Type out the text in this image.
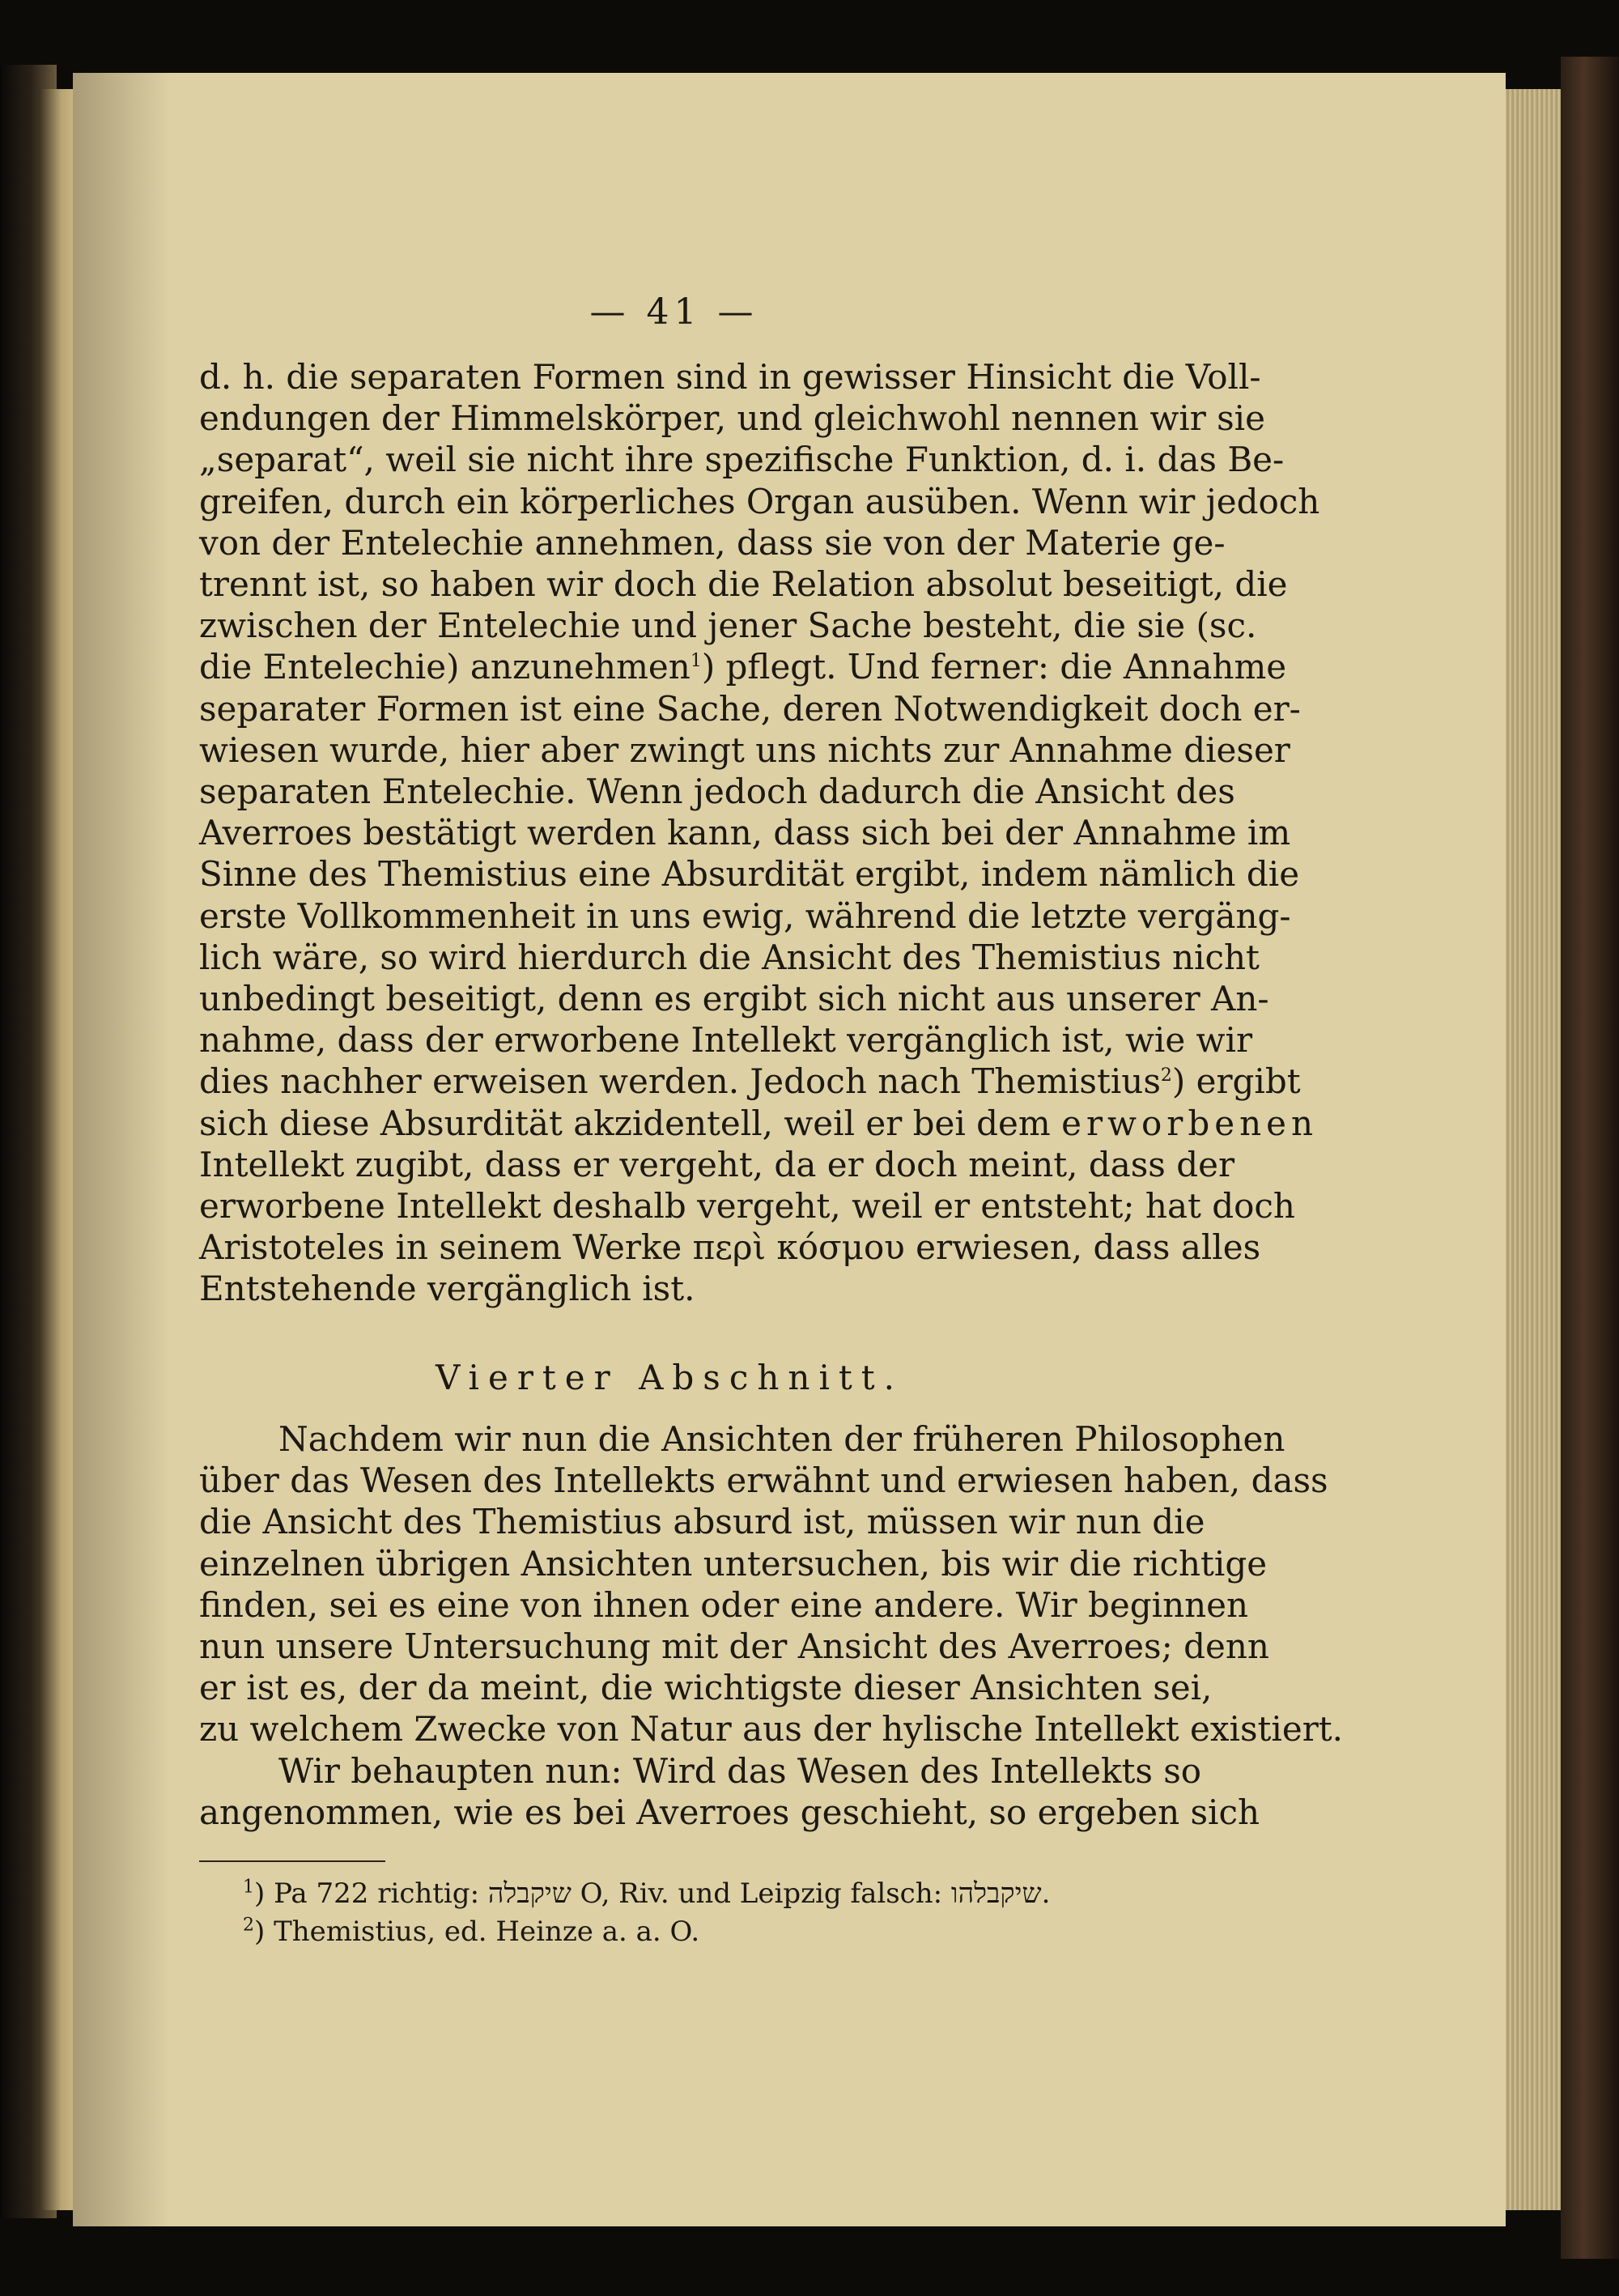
— 41 —
d. h. die separaten Formen sind in gewisser Hinsicht die Voll-
endungen der Himmelskörper, und gleichwohl nennen wir sie
„separat“, weil sie nicht ihre spezifische Funktion, d. i. das Be-
greifen, durch ein körperliches Organ ausüben. Wenn wir jedoch
von der Entelechie annehmen, dass sie von der Materie ge-
trennt ist, so haben wir doch die Relation absolut beseitigt, die
zwischen der Entelechie und jener Sache besteht, die sie (sc.
die Entelechie) anzunehmen$^1$) pflegt. Und ferner: die Annahme
separater Formen ist eine Sache, deren Notwendigkeit doch er-
wiesen wurde, hier aber zwingt uns nichts zur Annahme dieser
separaten Entelechie. Wenn jedoch dadurch die Ansicht des
Averroes bestätigt werden kann, dass sich bei der Annahme im
Sinne des Themistius eine Absurdität ergibt, indem nämlich die
erste Vollkommenheit in uns ewig, während die letzte vergäng-
lich wäre, so wird hierdurch die Ansicht des Themistius nicht
unbedingt beseitigt, denn es ergibt sich nicht aus unserer An-
nahme, dass der erworbene Intellekt vergänglich ist, wie wir
dies nachher erweisen werden. Jedoch nach Themistius$^2$) ergibt
sich diese Absurdität akzidentell, weil er bei dem erworbenen
Intellekt zugibt, dass er vergeht, da er doch meint, dass der
erworbene Intellekt deshalb vergeht, weil er entsteht; hat doch
Aristoteles in seinem Werke περὶ κόσμου erwiesen, dass alles
Entstehende vergänglich ist.
Vierter Abschnitt.
Nachdem wir nun die Ansichten der früheren Philosophen
über das Wesen des Intellekts erwähnt und erwiesen haben, dass
die Ansicht des Themistius absurd ist, müssen wir nun die
einzelnen übrigen Ansichten untersuchen, bis wir die richtige
finden, sei es eine von ihnen oder eine andere. Wir beginnen
nun unsere Untersuchung mit der Ansicht des Averroes; denn
er ist es, der da meint, die wichtigste dieser Ansichten sei,
zu welchem Zwecke von Natur aus der hylische Intellekt existiert.
Wir behaupten nun: Wird das Wesen des Intellekts so
angenommen, wie es bei Averroes geschieht, so ergeben sich
$^1$) Pa 722 richtig: שיקבלה O, Riv. und Leipzig falsch: שיקבלהו.
$^2$) Themistius, ed. Heinze a. a. O.
